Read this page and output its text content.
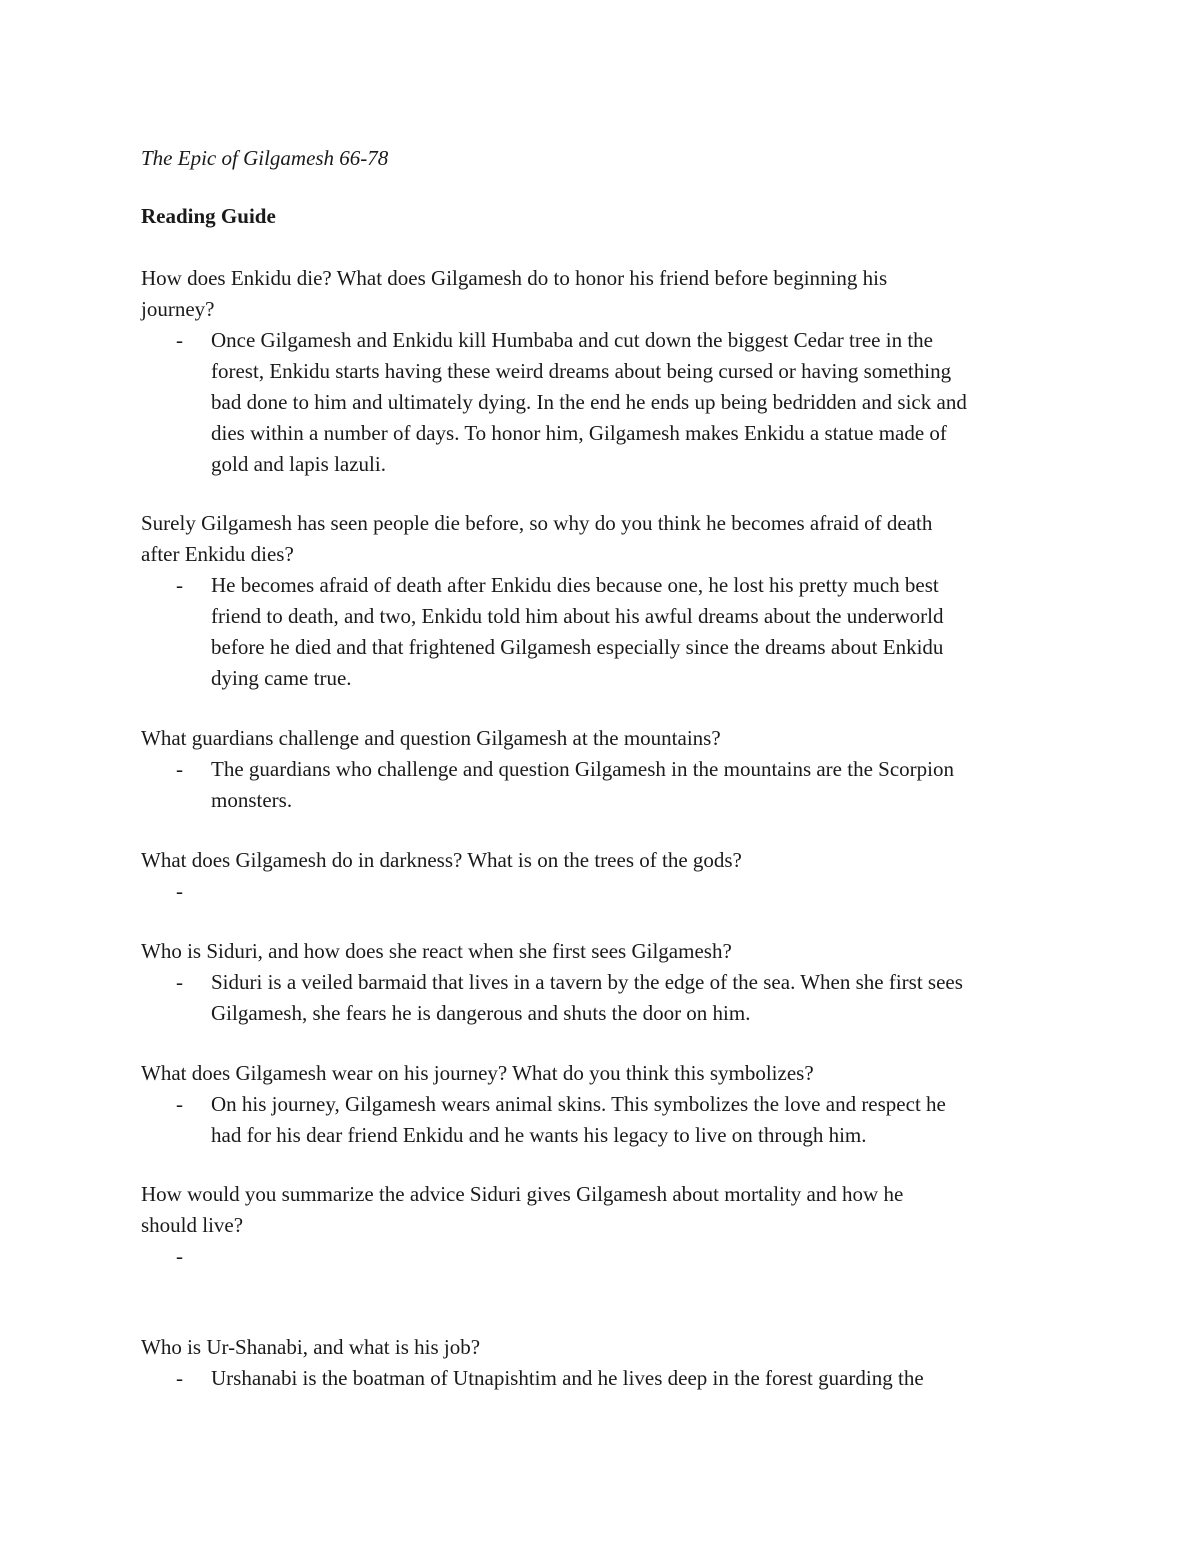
The Epic of Gilgamesh 66-78

Reading Guide

How does Enkidu die? What does Gilgamesh do to honor his friend before beginning his

journey?

- Once Gilgamesh and Enkidu kill Humbaba and cut down the biggest Cedar tree in the
forest, Enkidu starts having these weird dreams about being cursed or having something
bad done to him and ultimately dying. In the end he ends up being bedridden and sick and
dies within a number of days. To honor him, Gilgamesh makes Enkidu a statue made of
gold and lapis lazuli.

Surely Gilgamesh has seen people die before, so why do you think he becomes afraid of death

after Enkidu dies?

- He becomes afraid of death after Enkidu dies because one, he lost his pretty much best
friend to death, and two, Enkidu told him about his awful dreams about the underworld
before he died and that frightened Gilgamesh especially since the dreams about Enkidu
dying came true.

What guardians challenge and question Gilgamesh at the mountains?

- The guardians who challenge and question Gilgamesh in the mountains are the Scorpion
monsters.

What does Gilgamesh do in darkness? What is on the trees of the gods?

-

Who is Siduri, and how does she react when she first sees Gilgamesh?

- Siduri is a veiled barmaid that lives in a tavern by the edge of the sea. When she first sees
Gilgamesh, she fears he is dangerous and shuts the door on him.

What does Gilgamesh wear on his journey? What do you think this symbolizes?

- On his journey, Gilgamesh wears animal skins. This symbolizes the love and respect he
had for his dear friend Enkidu and he wants his legacy to live on through him.

How would you summarize the advice Siduri gives Gilgamesh about mortality and how he

should live?

-

Who is Ur-Shanabi, and what is his job?

- Urshanabi is the boatman of Utnapishtim and he lives deep in the forest guarding the
